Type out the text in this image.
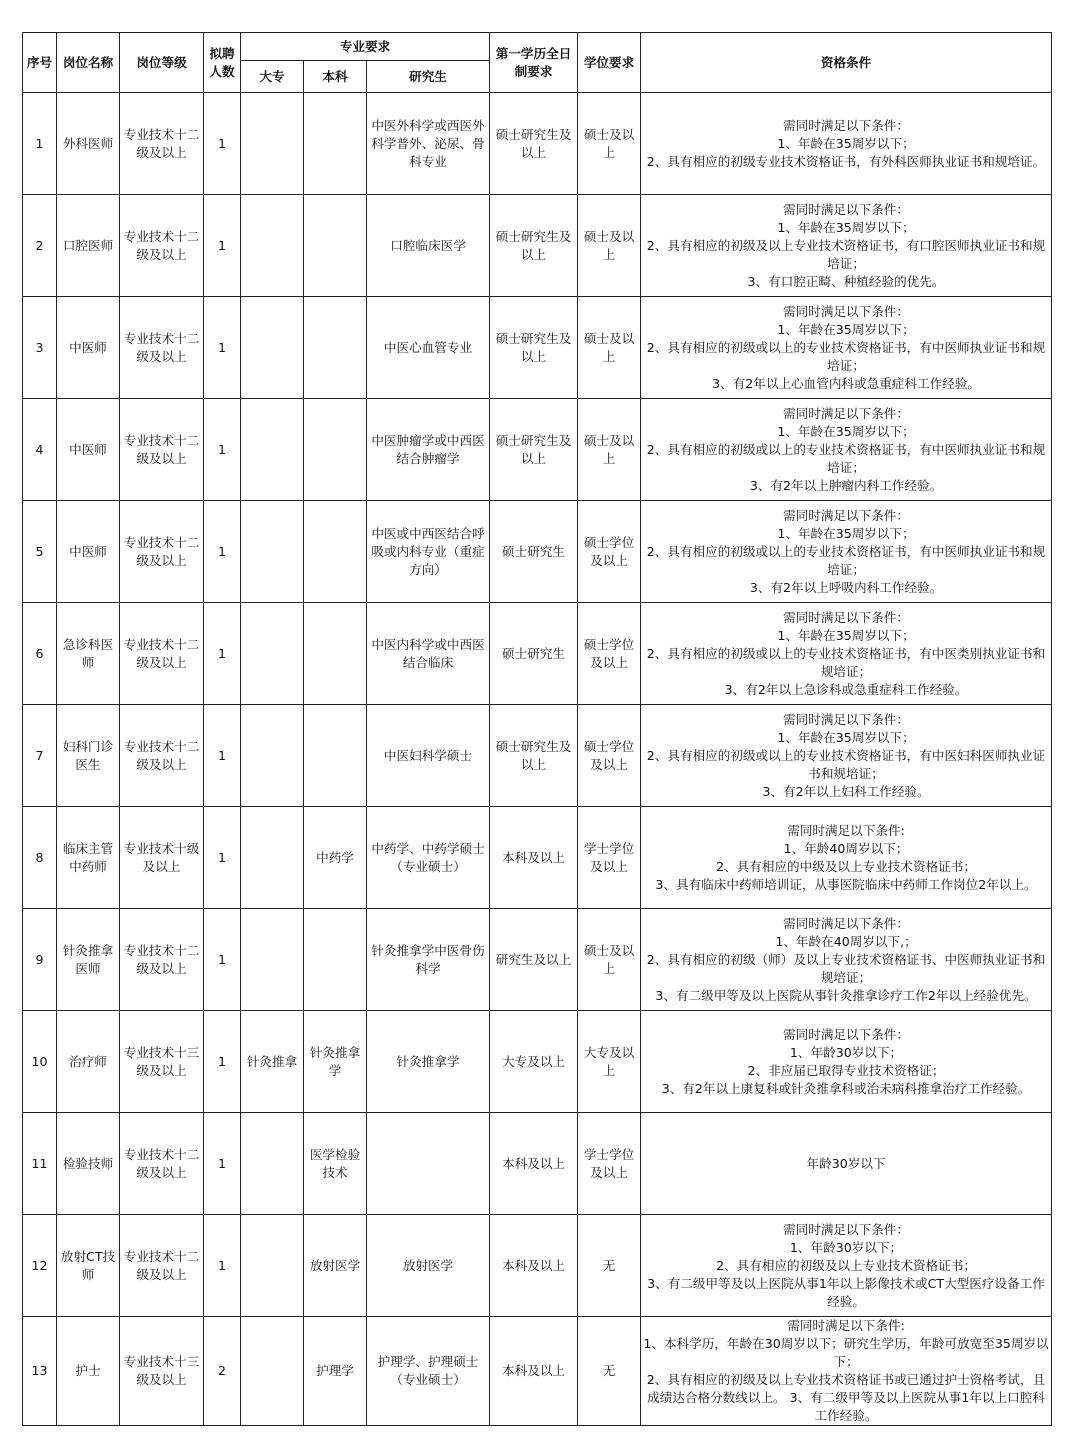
序号	岗位名称	岗位等级	拟聘人数	专业要求			第一学历全日制要求	学位要求	资格条件
				大专	本科	研究生			
1	外科医师	专业技术十二级及以上	1			中医外科学或西医外科学普外、泌尿、骨科专业	硕士研究生及以上	硕士及以上	需同时满足以下条件：
1、年龄在35周岁以下；
2、具有相应的初级专业技术资格证书，有外科医师执业证书和规培证。

2	口腔医师	专业技术十二级及以上	1			口腔临床医学	硕士研究生及以上	硕士及以上	需同时满足以下条件：
1、年龄在35周岁以下；
2、具有相应的初级及以上专业技术资格证书，有口腔医师执业证书和规培证；
3、有口腔正畸、种植经验的优先。

3	中医师	专业技术十二级及以上	1			中医心血管专业	硕士研究生及以上	硕士及以上	需同时满足以下条件：
1、年龄在35周岁以下；
2、具有相应的初级或以上的专业技术资格证书，有中医师执业证书和规培证；
3、有2年以上心血管内科或急重症科工作经验。

4	中医师	专业技术十二级及以上	1			中医肿瘤学或中西医结合肿瘤学	硕士研究生及以上	硕士及以上	需同时满足以下条件：
1、年龄在35周岁以下；
2、具有相应的初级或以上的专业技术资格证书，有中医师执业证书和规培证；
3、有2年以上肿瘤内科工作经验。

5	中医师	专业技术十二级及以上	1			中医或中西医结合呼吸或内科专业（重症方向）	硕士研究生	硕士学位及以上	需同时满足以下条件：
1、年龄在35周岁以下；
2、具有相应的初级或以上的专业技术资格证书，有中医师执业证书和规培证；
3、有2年以上呼吸内科工作经验。

6	急诊科医师	专业技术十二级及以上	1			中医内科学或中西医结合临床	硕士研究生	硕士学位及以上	需同时满足以下条件：
1、年龄在35周岁以下；
2、具有相应的初级或以上的专业技术资格证书，有中医类别执业证书和规培证；
3、有2年以上急诊科或急重症科工作经验。

7	妇科门诊医生	专业技术十二级及以上	1			中医妇科学硕士	硕士研究生及以上	硕士学位及以上	需同时满足以下条件：
1、年龄在35周岁以下；
2、具有相应的初级或以上的专业技术资格证书，有中医妇科医师执业证书和规培证；
3、有2年以上妇科工作经验。

8	临床主管中药师	专业技术十级及以上	1		中药学	中药学、中药学硕士（专业硕士）	本科及以上	学士学位及以上	需同时满足以下条件:
1、年龄40周岁以下；
2、具有相应的中级及以上专业技术资格证书；
3、具有临床中药师培训证，从事医院临床中药师工作岗位2年以上。

9	针灸推拿医师	专业技术十二级及以上	1			针灸推拿学中医骨伤科学	研究生及以上	硕士及以上	需同时满足以下条件：
1、年龄在40周岁以下,；
2、具有相应的初级（师）及以上专业技术资格证书、中医师执业证书和规培证；
3、有二级甲等及以上医院从事针灸推拿诊疗工作2年以上经验优先。

10	治疗师	专业技术十三级及以上	1	针灸推拿	针灸推拿学	针灸推拿学	大专及以上	大专及以上	需同时满足以下条件：
1、年龄30岁以下；
2、非应届已取得专业技术资格证；
3、有2年以上康复科或针灸推拿科或治未病科推拿治疗工作经验。

11	检验技师	专业技术十二级及以上	1		医学检验技术		本科及以上	学士学位及以上	年龄30岁以下

12	放射CT技师	专业技术十二级及以上	1		放射医学	放射医学	本科及以上	无	需同时满足以下条件：
1、年龄30岁以下；
2、具有相应的初级及以上专业技术资格证书；
3、有二级甲等及以上医院从事1年以上影像技术或CT大型医疗设备工作经验。

13	护士	专业技术十三级及以上	2		护理学	护理学、护理硕士（专业硕士）	本科及以上	无	需同时满足以下条件:
1、本科学历，年龄在30周岁以下；研究生学历，年龄可放宽至35周岁以下；
2、具有相应的初级及以上专业技术资格证书或已通过护士资格考试，且成绩达合格分数线以上。 3、有二级甲等及以上医院从事1年以上口腔科工作经验。
